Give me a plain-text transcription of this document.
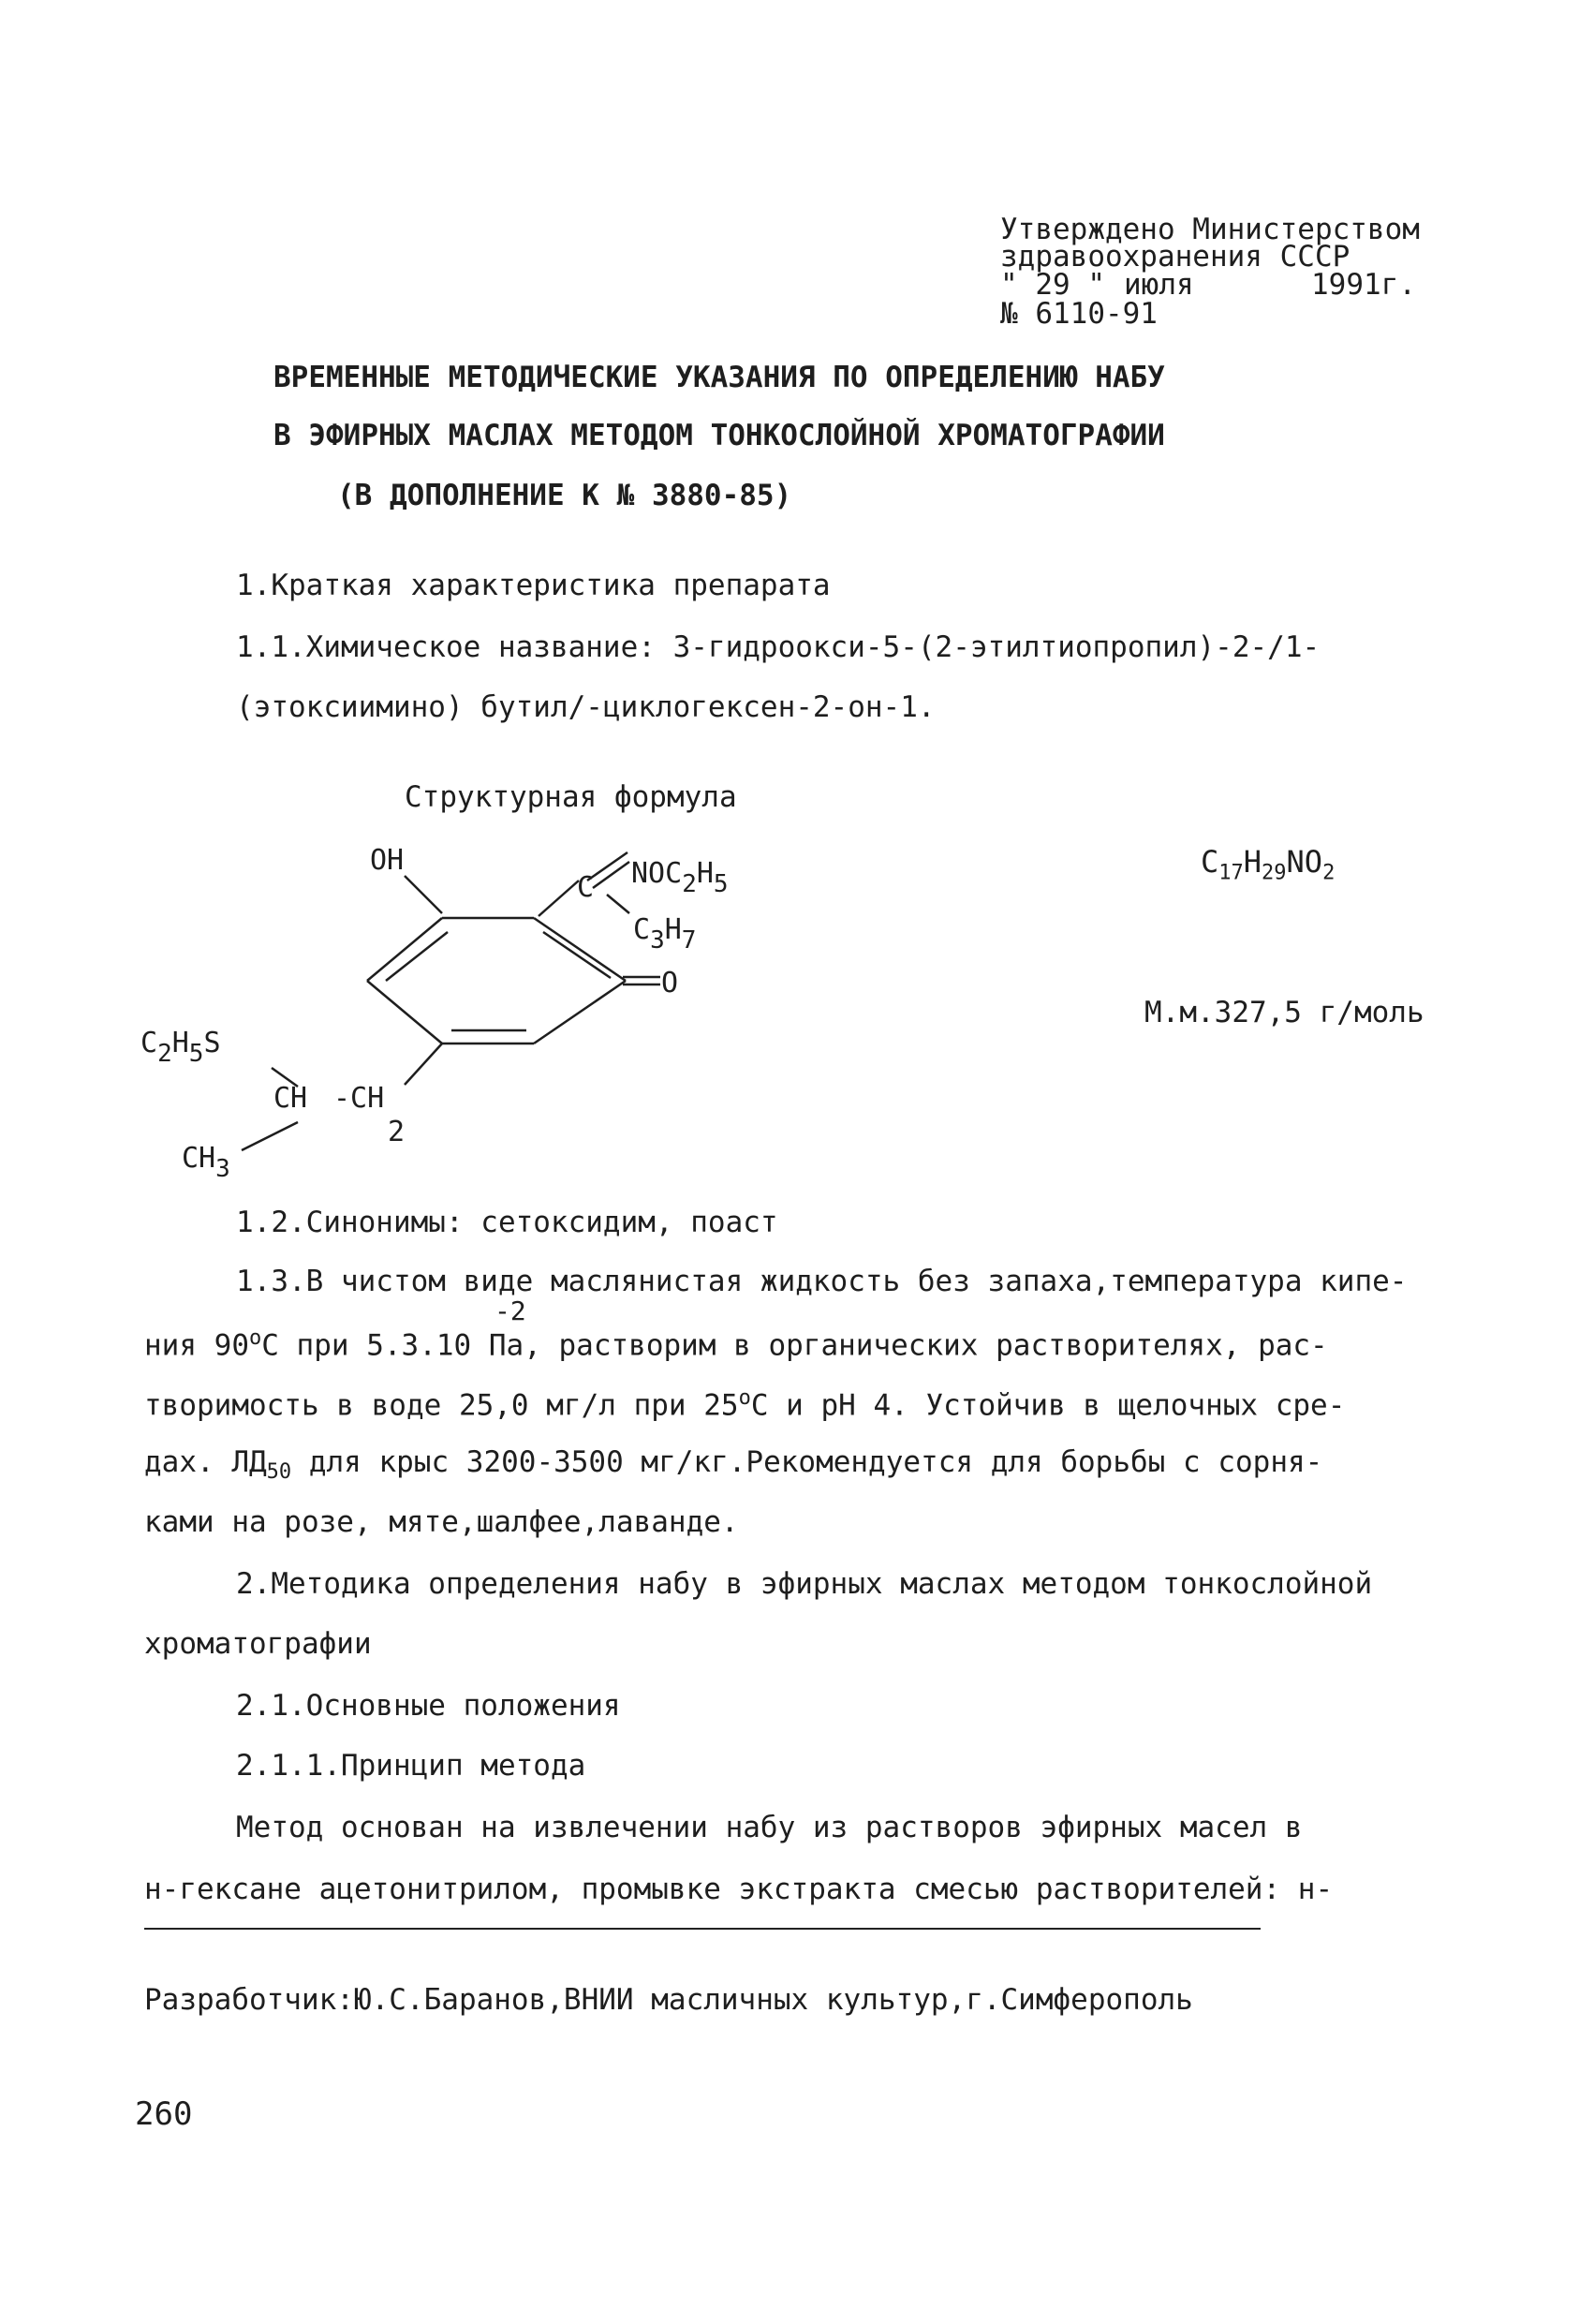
Утверждено Министерством
здравоохранения СССР
" 29 " июля	1991г.
№ 6110-91
ВРЕМЕННЫЕ МЕТОДИЧЕСКИЕ УКАЗАНИЯ ПО ОПРЕДЕЛЕНИЮ НАБУ
В ЭФИРНЫХ МАСЛАХ МЕТОДОМ ТОНКОСЛОЙНОЙ ХРОМАТОГРАФИИ
(В ДОПОЛНЕНИЕ К № 3880-85)
1.Краткая характеристика препарата
1.1.Химическое название: 3-гидроокси-5-(2-этилтиопропил)-2-/1-
(этоксиимино) бутил/-циклогексен-2-он-1.
Структурная формула
OH
C NOC2H5
C3H7
O
C2H5S
CH -CH
2
CH3
$C_{17}H_{29}NO_2$
М.м.327,5 г/моль
1.2.Синонимы: сетоксидим, поаст
1.3.В чистом виде маслянистая жидкость без запаха,температура кипе-
-2
ния 90$^o$C при 5.3.10 Па, растворим в органических растворителях, рас-
творимость в воде 25,0 мг/л при 25$^o$C и pH 4. Устойчив в щелочных сре-
дах. $ЛД_{50}$ для крыс 3200-3500 мг/кг.Рекомендуется для борьбы с сорня-
ками на розе, мяте,шалфее,лаванде.
2.Методика определения набу в эфирных маслах методом тонкослойной
хроматографии
2.1.Основные положения
2.1.1.Принцип метода
Метод основан на извлечении набу из растворов эфирных масел в
н-гексане ацетонитрилом, промывке экстракта смесью растворителей: н-
Разработчик:Ю.С.Баранов,ВНИИ масличных культур,г.Симферополь
260
